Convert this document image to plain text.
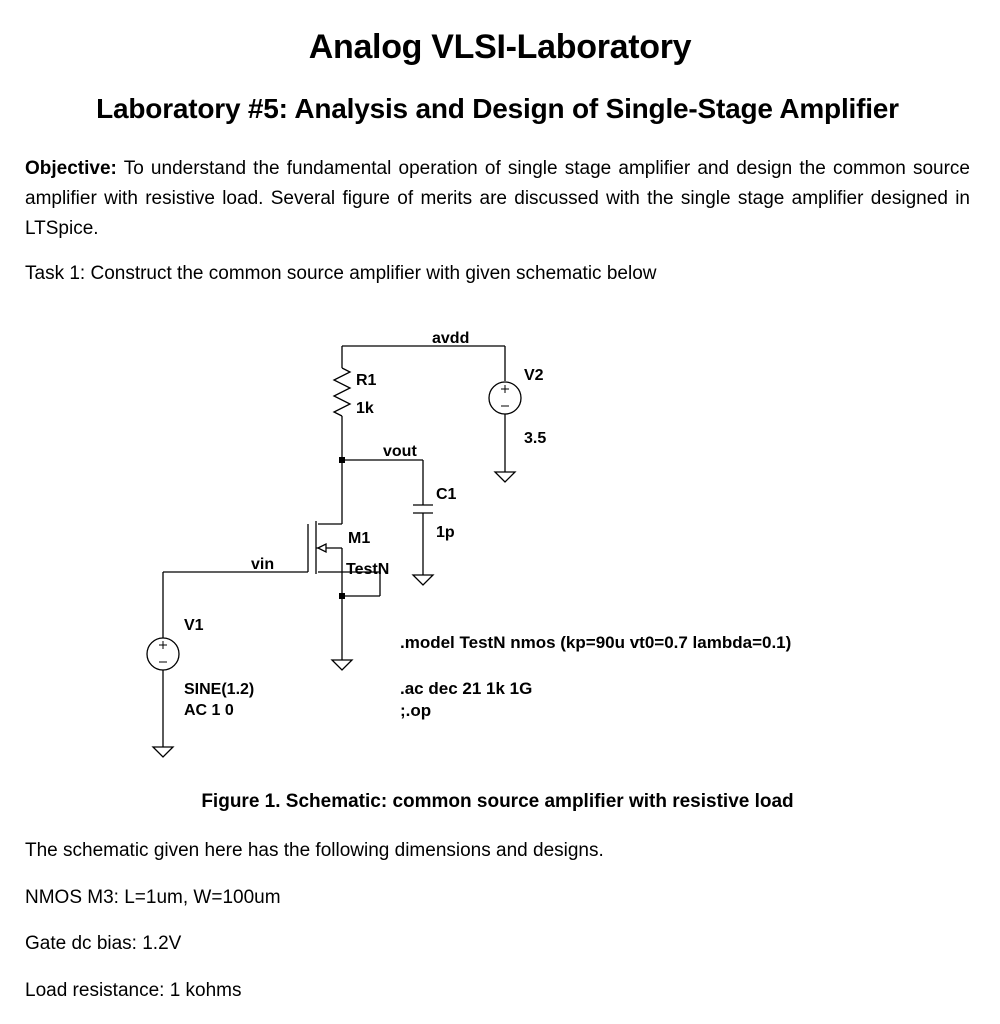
Analog VLSI-Laboratory
Laboratory #5: Analysis and Design of Single-Stage Amplifier
Objective: To understand the fundamental operation of single stage amplifier and design the common source amplifier with resistive load. Several figure of merits are discussed with the single stage amplifier designed in LTSpice.
Task 1: Construct the common source amplifier with given schematic below
avdd
R1
1k
V2
3.5
vout
C1
1p
M1
TestN
vin
V1
SINE(1.2)
AC 1 0
.model TestN nmos (kp=90u vt0=0.7 lambda=0.1)
.ac dec 21 1k 1G
;.op
Figure 1. Schematic: common source amplifier with resistive load
The schematic given here has the following dimensions and designs.
NMOS M3: L=1um, W=100um
Gate dc bias: 1.2V
Load resistance: 1 kohms
